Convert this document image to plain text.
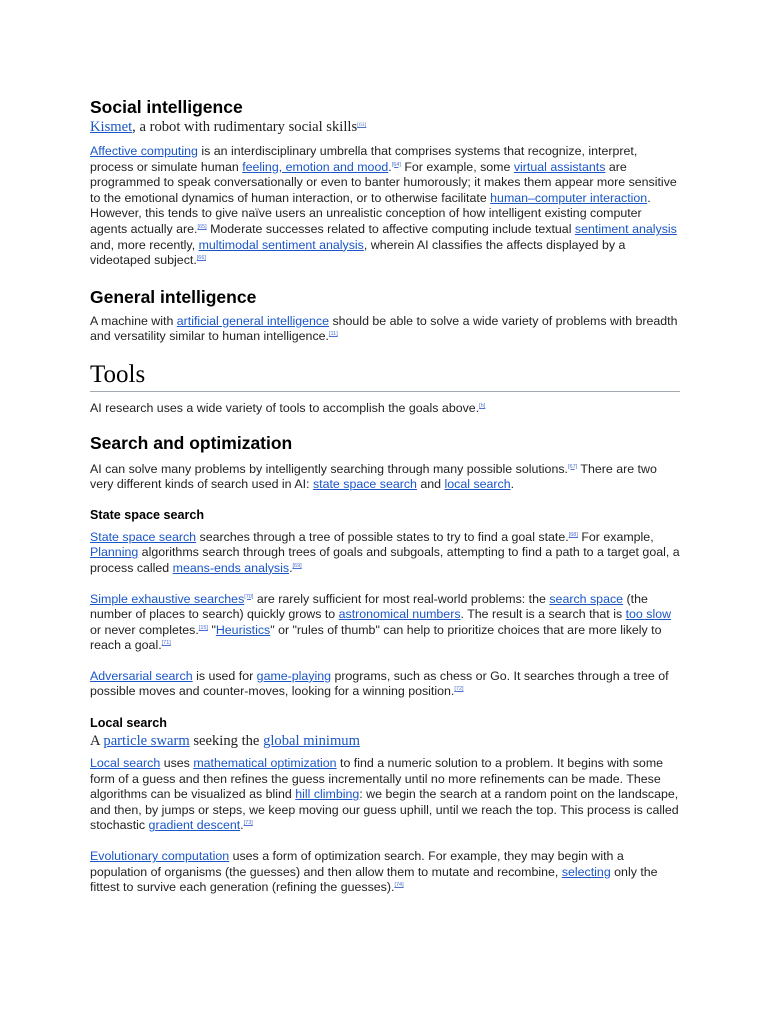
Social intelligence

Kismet, a robot with rudimentary social skills[63]

Affective computing is an interdisciplinary umbrella that comprises systems that recognize, interpret, process or simulate human feeling, emotion and mood.[64] For example, some virtual assistants are programmed to speak conversationally or even to banter humorously; it makes them appear more sensitive to the emotional dynamics of human interaction, or to otherwise facilitate human–computer interaction. However, this tends to give naïve users an unrealistic conception of how intelligent existing computer agents actually are.[65] Moderate successes related to affective computing include textual sentiment analysis and, more recently, multimodal sentiment analysis, wherein AI classifies the affects displayed by a videotaped subject.[66]

General intelligence

A machine with artificial general intelligence should be able to solve a wide variety of problems with breadth and versatility similar to human intelligence.[11]

Tools

AI research uses a wide variety of tools to accomplish the goals above.[h]

Search and optimization

AI can solve many problems by intelligently searching through many possible solutions.[67] There are two very different kinds of search used in AI: state space search and local search.

State space search

State space search searches through a tree of possible states to try to find a goal state.[68] For example, Planning algorithms search through trees of goals and subgoals, attempting to find a path to a target goal, a process called means-ends analysis.[69]

Simple exhaustive searches[70] are rarely sufficient for most real-world problems: the search space (the number of places to search) quickly grows to astronomical numbers. The result is a search that is too slow or never completes.[15] "Heuristics" or "rules of thumb" can help to prioritize choices that are more likely to reach a goal.[71]

Adversarial search is used for game-playing programs, such as chess or Go. It searches through a tree of possible moves and counter-moves, looking for a winning position.[72]

Local search

A particle swarm seeking the global minimum

Local search uses mathematical optimization to find a numeric solution to a problem. It begins with some form of a guess and then refines the guess incrementally until no more refinements can be made. These algorithms can be visualized as blind hill climbing: we begin the search at a random point on the landscape, and then, by jumps or steps, we keep moving our guess uphill, until we reach the top. This process is called stochastic gradient descent.[73]

Evolutionary computation uses a form of optimization search. For example, they may begin with a population of organisms (the guesses) and then allow them to mutate and recombine, selecting only the fittest to survive each generation (refining the guesses).[74]
